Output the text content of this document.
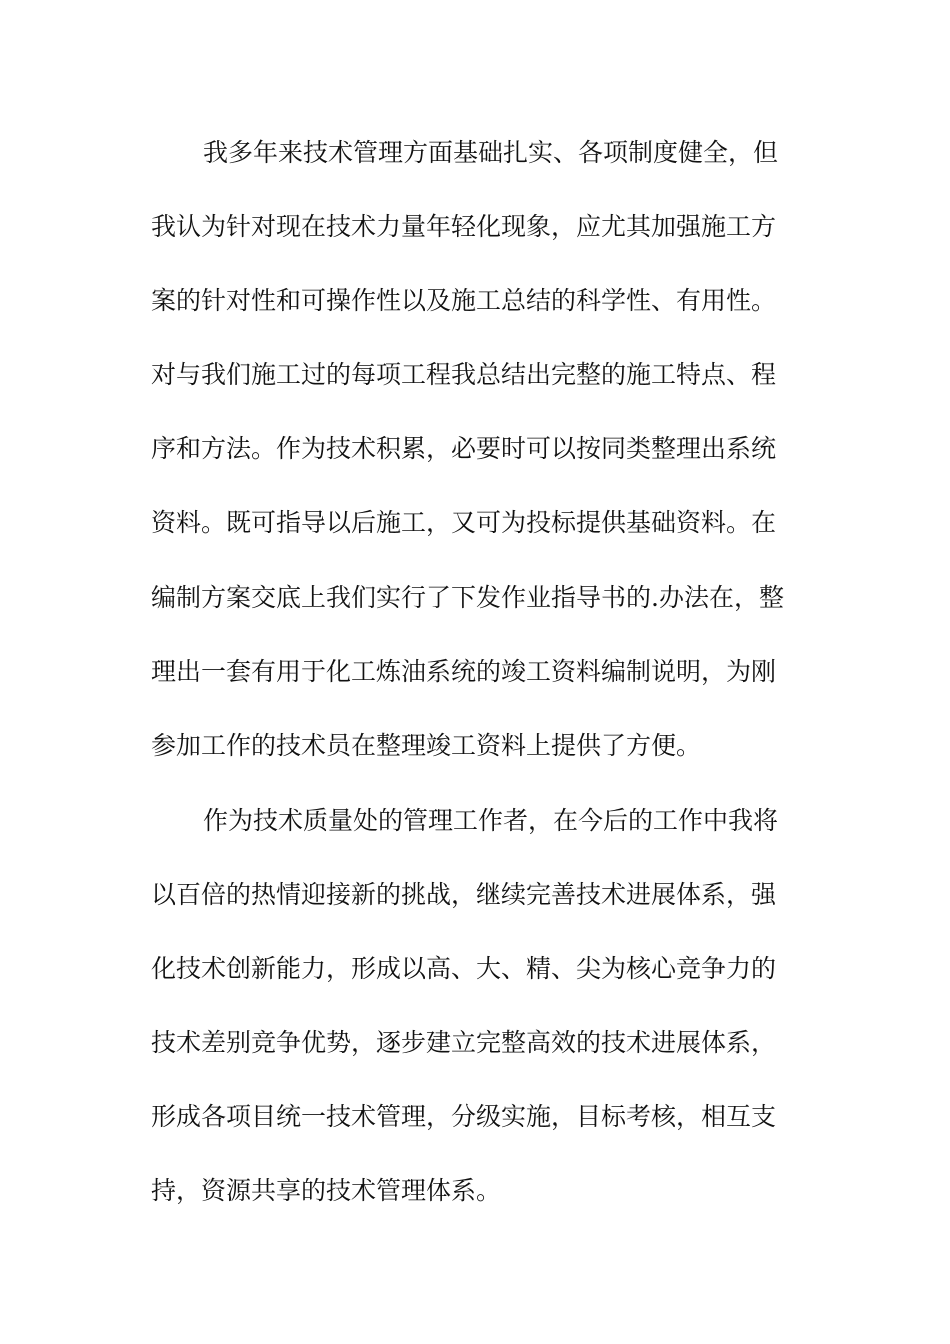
我多年来技术管理方面基础扎实、各项制度健全，但
我认为针对现在技术力量年轻化现象，应尤其加强施工方
案的针对性和可操作性以及施工总结的科学性、有用性。
对与我们施工过的每项工程我总结出完整的施工特点、程
序和方法。作为技术积累，必要时可以按同类整理出系统
资料。既可指导以后施工，又可为投标提供基础资料。在
编制方案交底上我们实行了下发作业指导书的.办法在，整
理出一套有用于化工炼油系统的竣工资料编制说明，为刚
参加工作的技术员在整理竣工资料上提供了方便。
作为技术质量处的管理工作者，在今后的工作中我将
以百倍的热情迎接新的挑战，继续完善技术进展体系，强
化技术创新能力，形成以高、大、精、尖为核心竞争力的
技术差别竞争优势，逐步建立完整高效的技术进展体系，
形成各项目统一技术管理，分级实施，目标考核，相互支
持，资源共享的技术管理体系。
